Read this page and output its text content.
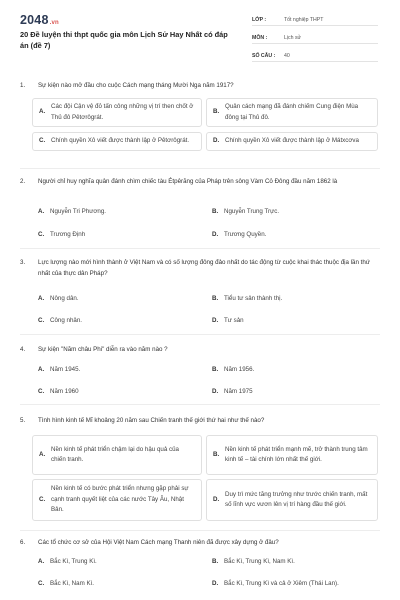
2048.vn
20 Đề luyện thi thpt quốc gia môn Lịch Sử Hay Nhất có đáp án (đề 7)
LỚP :	Tốt nghiệp THPT
MÔN :	Lịch sử
SỐ CÂU :	40
1.	Sự kiện nào mở đầu cho cuộc Cách mạng tháng Mười Nga năm 1917?
A.
Các đội Cận vệ đỏ tấn công những vị trí then chốt ở Thủ đô Pêtơrôgrát.
B.
Quân cách mạng đã đánh chiếm Cung điện Mùa đông tại Thủ đô.
C. Chính quyền Xô viết được thành lập ở Pêtơrôgrát.	D. Chính quyền Xô viết được thành lập ở Mátxcơva
2.	Người chỉ huy nghĩa quân đánh chìm chiếc tàu Étpêrăng của Pháp trên sông Vàm Cỏ Đông đầu năm 1862 là
A. Nguyễn Tri Phương.	B. Nguyễn Trung Trực.
C. Trương Định	D. Trương Quyền.
3.	Lực lượng nào mới hình thành ở Việt Nam và có số lượng đông đảo nhất do tác động từ cuộc khai thác thuộc địa lần thứ nhất của thực dân Pháp?
A. Nông dân.	B. Tiểu tư sản thành thị.
C. Công nhân.	D. Tư sản
4.	Sự kiện "Năm châu Phi" diễn ra vào năm nào ?
A. Năm 1945.	B. Năm 1956.
C. Năm 1960	D. Năm 1975
5.	Tình hình kinh tế Mĩ khoảng 20 năm sau Chiến tranh thế giới thứ hai như thế nào?
A.
Nền kinh tế phát triển chậm lại do hậu quả của chiến tranh.
B.
Nền kinh tế phát triển mạnh mẽ, trở thành trung tâm kinh tế – tài chính lớn nhất thế giới.
C.
Nền kinh tế có bước phát triển nhưng gặp phải sự cạnh tranh quyết liệt của các nước Tây Âu, Nhật Bản.
D.
Duy trì mức tăng trưởng như trước chiến tranh, mất số lĩnh vực vươn lên vị trí hàng đầu thế giới.
6.	Các tổ chức cơ sở của Hội Việt Nam Cách mạng Thanh niên đã được xây dựng ở đâu?
A. Bắc Kì, Trung Kì.	B. Bắc Kì, Trung Kì, Nam Kì.
C. Bắc Kì, Nam Kì.	D. Bắc Kì, Trung Kì và cả ở Xiêm (Thái Lan).
